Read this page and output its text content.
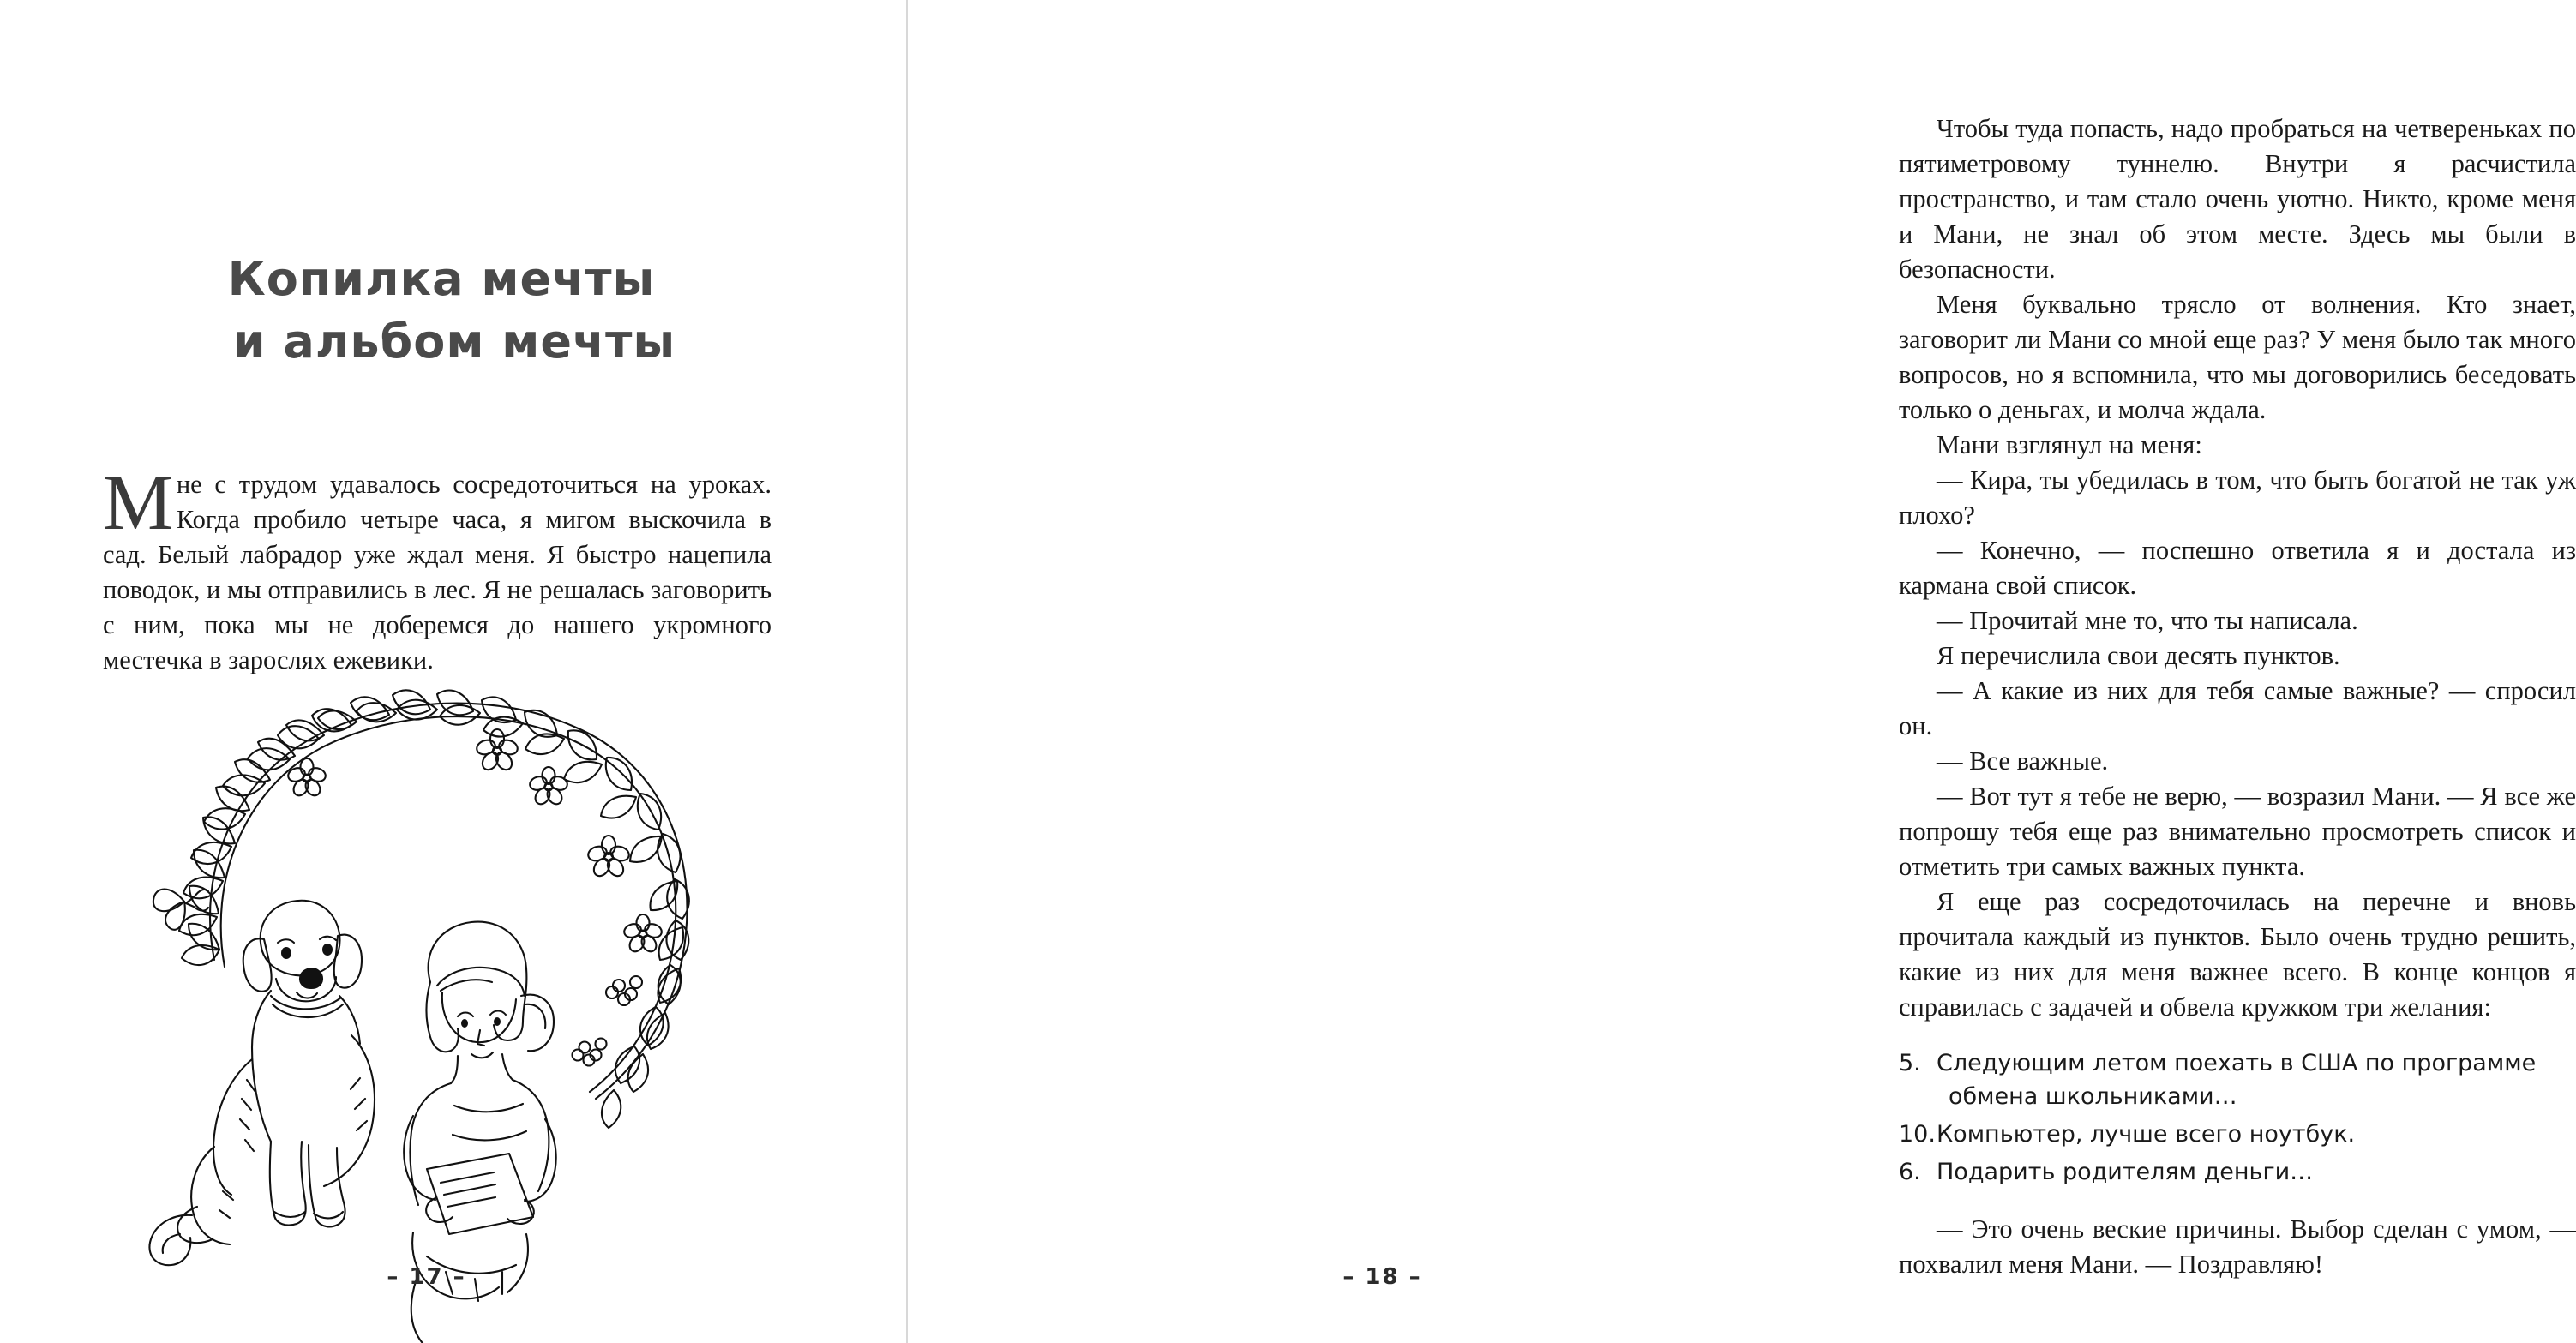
Копилка мечты
и альбом мечты

Мне с трудом удавалось сосредоточиться на уроках. Когда пробило четыре часа, я мигом выскочила в сад. Белый лабрадор уже ждал меня. Я быстро нацепила поводок, и мы отправились в лес. Я не решалась заговорить с ним, пока мы не доберемся до нашего укромного местечка в зарослях ежевики.

– 17 –

Чтобы туда попасть, надо пробраться на четвереньках по пятиметровому туннелю. Внутри я расчистила пространство, и там стало очень уютно. Никто, кроме меня и Мани, не знал об этом месте. Здесь мы были в безопасности.

Меня буквально трясло от волнения. Кто знает, заговорит ли Мани со мной еще раз? У меня было так много вопросов, но я вспомнила, что мы договорились беседовать только о деньгах, и молча ждала.

Мани взглянул на меня:

— Кира, ты убедилась в том, что быть богатой не так уж плохо?

— Конечно, — поспешно ответила я и достала из кармана свой список.

— Прочитай мне то, что ты написала.

Я перечислила свои десять пунктов.

— А какие из них для тебя самые важные? — спросил он.

— Все важные.

— Вот тут я тебе не верю, — возразил Мани. — Я все же попрошу тебя еще раз внимательно просмотреть список и отметить три самых важных пункта.

Я еще раз сосредоточилась на перечне и вновь прочитала каждый из пунктов. Было очень трудно решить, какие из них для меня важнее всего. В конце концов я справилась с задачей и обвела кружком три желания:

5. Следующим летом поехать в США по программе обмена школьниками…
10.Компьютер, лучше всего ноутбук.
6. Подарить родителям деньги…

— Это очень веские причины. Выбор сделан с умом, — похвалил меня Мани. — Поздравляю!

– 18 –
